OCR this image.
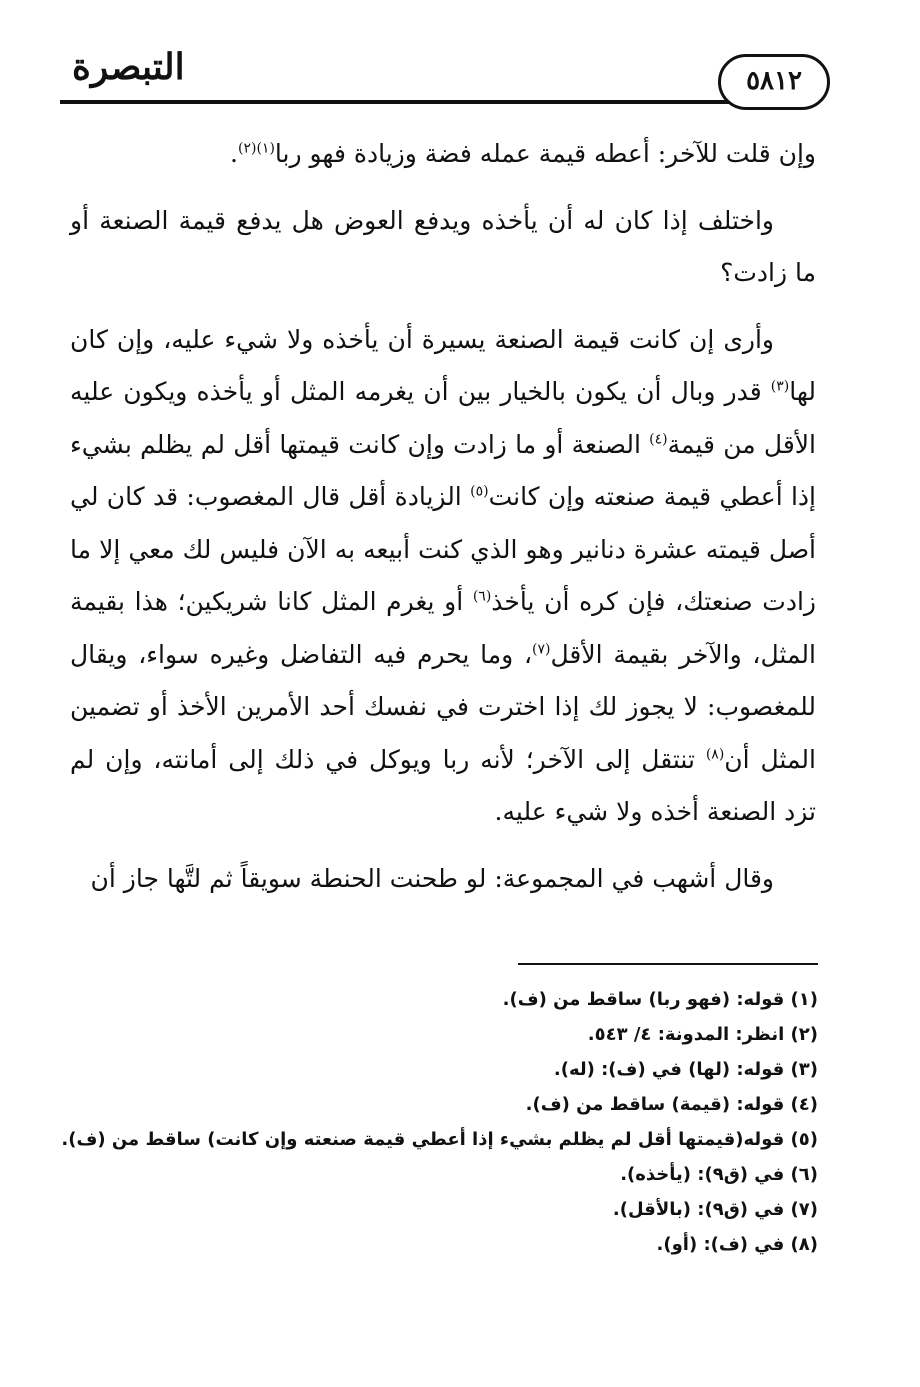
التبصرة	٥٨١٢

وإن قلت للآخر: أعطه قيمة عمله فضة وزيادة فهو ربا$^{(١)(٢)}$.

واختلف إذا كان له أن يأخذه ويدفع العوض هل يدفع قيمة الصنعة أو ما زادت؟

وأرى إن كانت قيمة الصنعة يسيرة أن يأخذه ولا شيء عليه، وإن كان لها$^{(٣)}$ قدر وبال أن يكون بالخيار بين أن يغرمه المثل أو يأخذه ويكون عليه الأقل من قيمة$^{(٤)}$ الصنعة أو ما زادت وإن كانت قيمتها أقل لم يظلم بشيء إذا أعطي قيمة صنعته وإن كانت$^{(٥)}$ الزيادة أقل قال المغصوب: قد كان لي أصل قيمته عشرة دنانير وهو الذي كنت أبيعه به الآن فليس لك معي إلا ما زادت صنعتك، فإن كره أن يأخذ$^{(٦)}$ أو يغرم المثل كانا شريكين؛ هذا بقيمة المثل، والآخر بقيمة الأقل$^{(٧)}$، وما يحرم فيه التفاضل وغيره سواء، ويقال للمغصوب: لا يجوز لك إذا اخترت في نفسك أحد الأمرين الأخذ أو تضمين المثل أن$^{(٨)}$ تنتقل إلى الآخر؛ لأنه ربا ويوكل في ذلك إلى أمانته، وإن لم تزد الصنعة أخذه ولا شيء عليه.

وقال أشهب في المجموعة: لو طحنت الحنطة سويقاً ثم لتَّها جاز أن

(١) قوله: (فهو ربا) ساقط من (ف).

(٢) انظر: المدونة: ٤/ ٥٤٣.

(٣) قوله: (لها) في (ف): (له).

(٤) قوله: (قيمة) ساقط من (ف).

(٥) قوله(قيمتها أقل لم يظلم بشيء إذا أعطي قيمة صنعته وإن كانت) ساقط من (ف).

(٦) في (ق٩): (يأخذه).

(٧) في (ق٩): (بالأقل).

(٨) في (ف): (أو).
